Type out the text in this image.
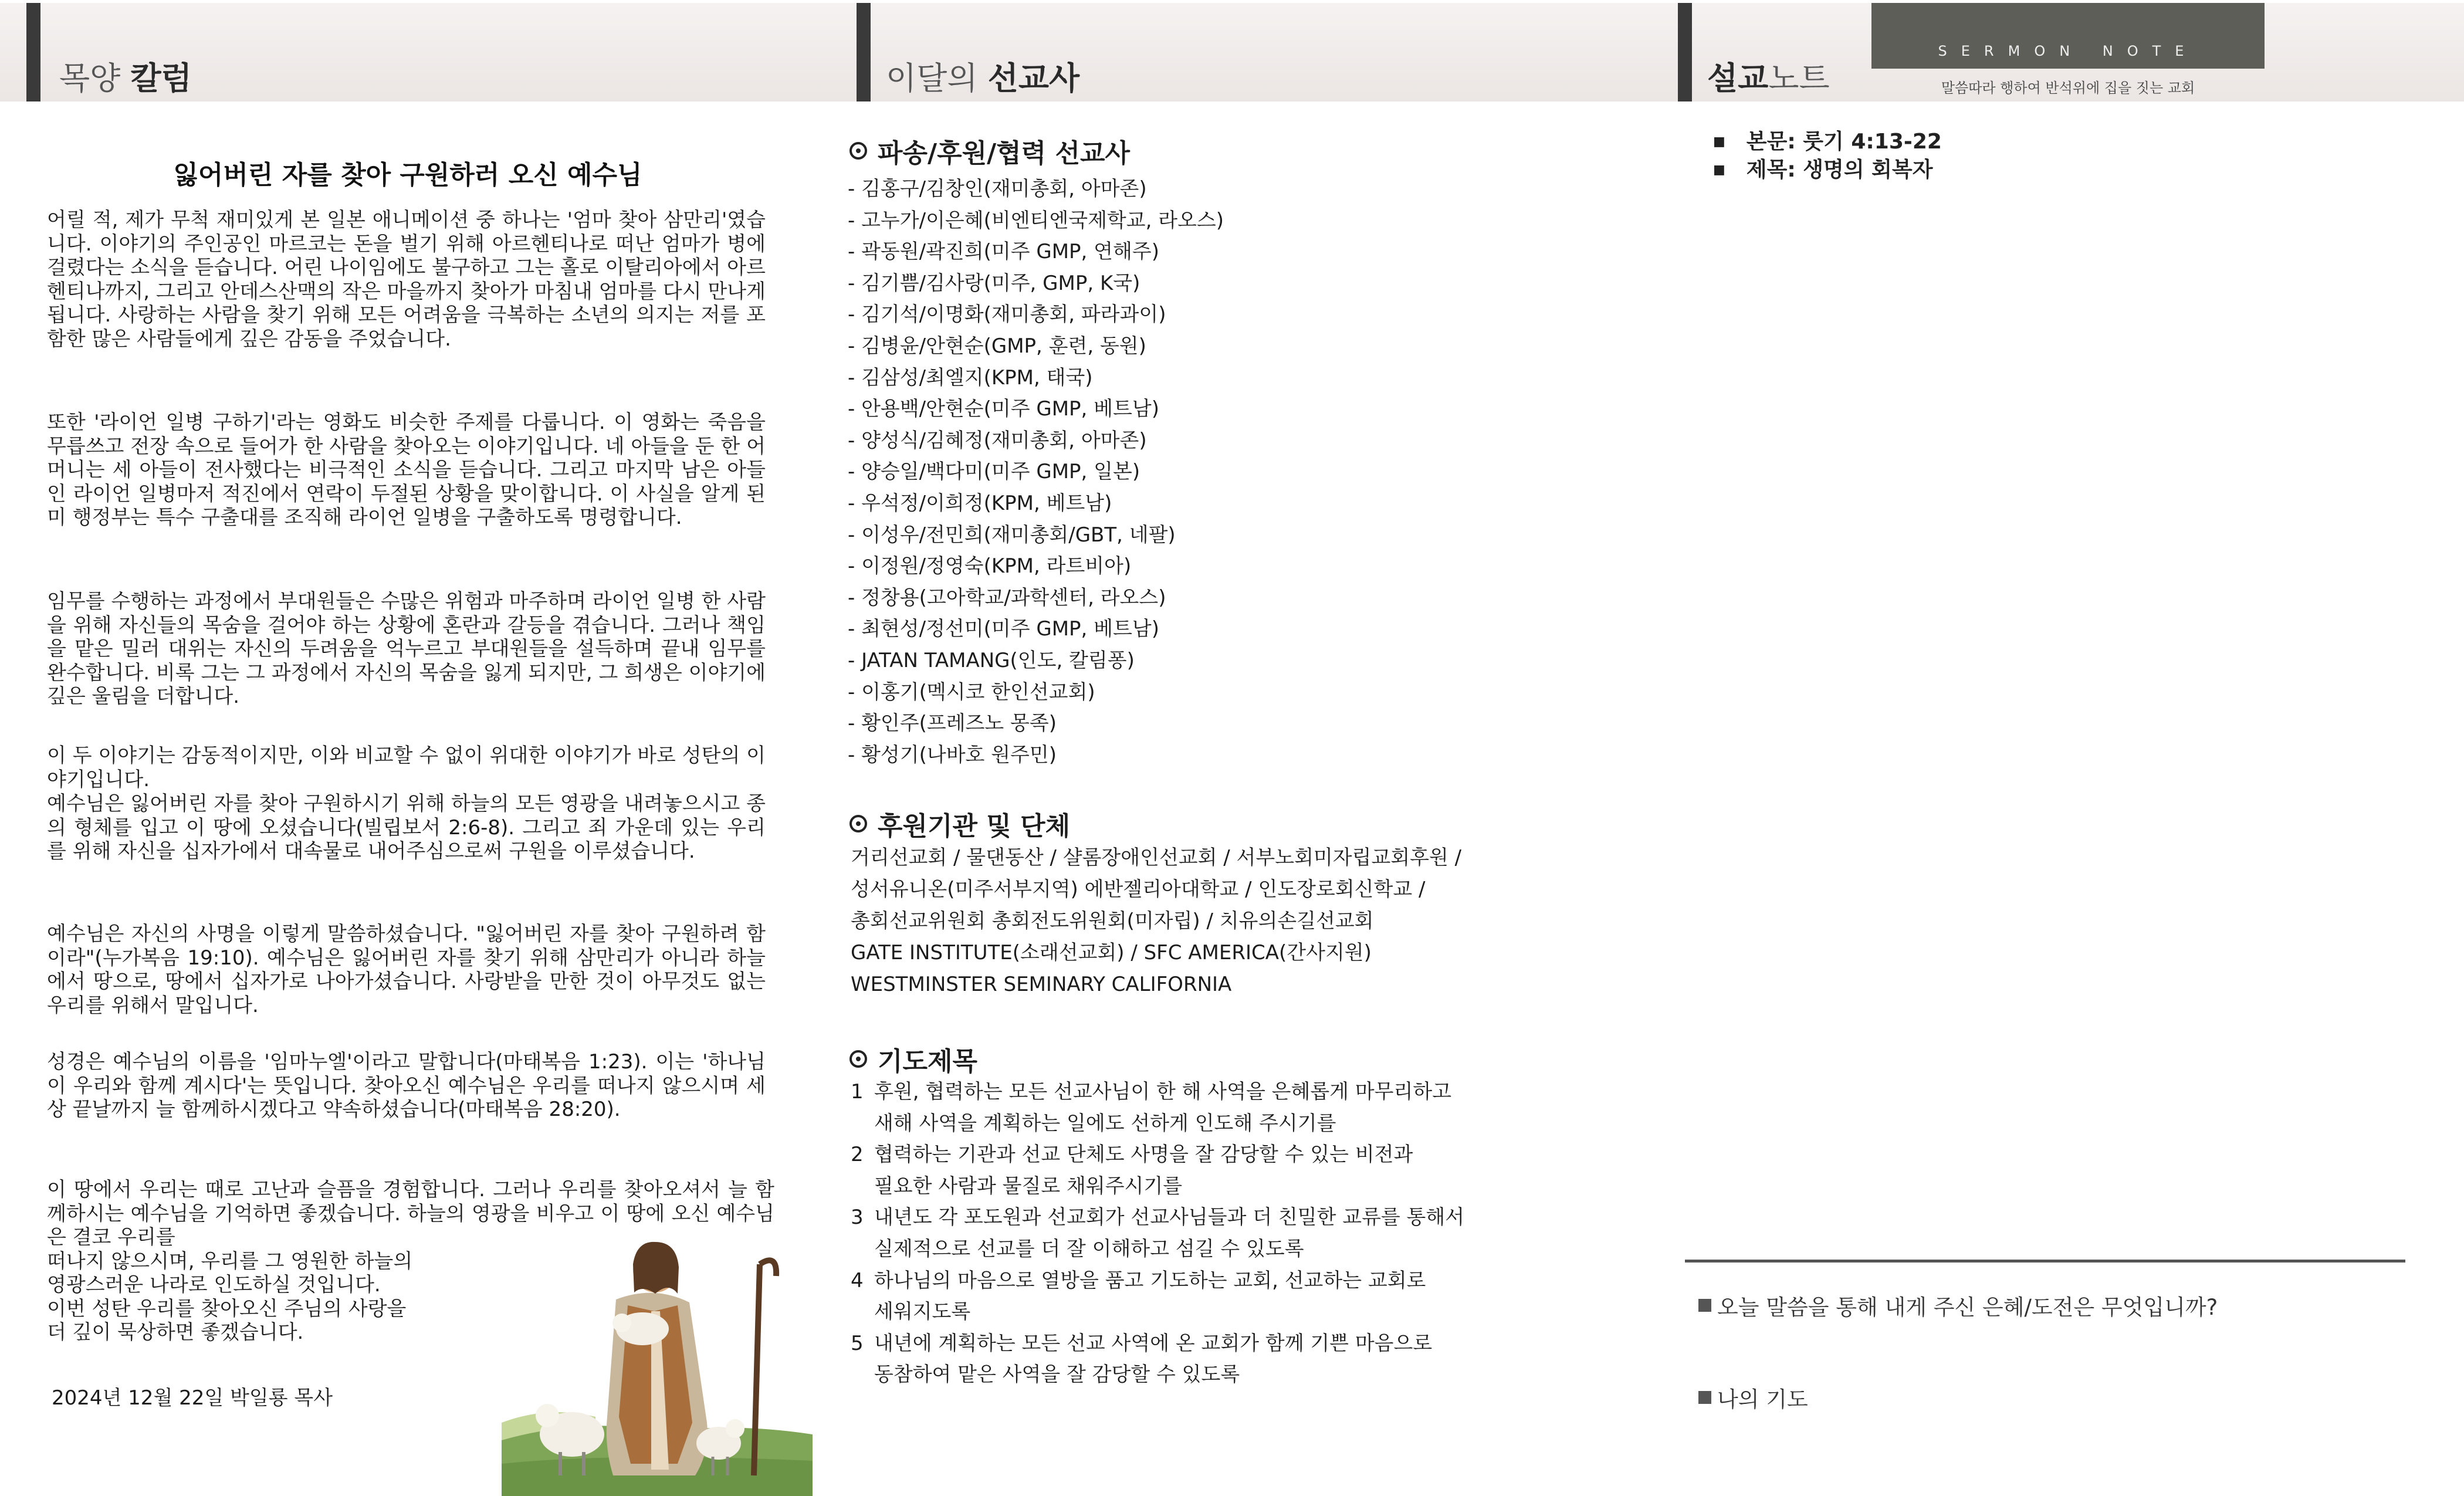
목양 칼럼	이달의 선교사	설교노트
SERMON NOTE
말씀따라 행하여 반석위에 집을 짓는 교회
잃어버린 자를 찾아 구원하러 오신 예수님

어릴 적, 제가 무척 재미있게 본 일본 애니메이션 중 하나는 '엄마 찾아 삼만리'였습니다. 이야기의 주인공인 마르코는 돈을 벌기 위해 아르헨티나로 떠난 엄마가 병에 걸렸다는 소식을 듣습니다. 어린 나이임에도 불구하고 그는 홀로 이탈리아에서 아르헨티나까지, 그리고 안데스산맥의 작은 마을까지 찾아가 마침내 엄마를 다시 만나게 됩니다. 사랑하는 사람을 찾기 위해 모든 어려움을 극복하는 소년의 의지는 저를 포함한 많은 사람들에게 깊은 감동을 주었습니다.

또한 '라이언 일병 구하기'라는 영화도 비슷한 주제를 다룹니다. 이 영화는 죽음을 무릅쓰고 전장 속으로 들어가 한 사람을 찾아오는 이야기입니다. 네 아들을 둔 한 어머니는 세 아들이 전사했다는 비극적인 소식을 듣습니다. 그리고 마지막 남은 아들인 라이언 일병마저 적진에서 연락이 두절된 상황을 맞이합니다. 이 사실을 알게 된 미 행정부는 특수 구출대를 조직해 라이언 일병을 구출하도록 명령합니다.

임무를 수행하는 과정에서 부대원들은 수많은 위험과 마주하며 라이언 일병 한 사람을 위해 자신들의 목숨을 걸어야 하는 상황에 혼란과 갈등을 겪습니다. 그러나 책임을 맡은 밀러 대위는 자신의 두려움을 억누르고 부대원들을 설득하며 끝내 임무를 완수합니다. 비록 그는 그 과정에서 자신의 목숨을 잃게 되지만, 그 희생은 이야기에 깊은 울림을 더합니다.

이 두 이야기는 감동적이지만, 이와 비교할 수 없이 위대한 이야기가 바로 성탄의 이야기입니다.

예수님은 잃어버린 자를 찾아 구원하시기 위해 하늘의 모든 영광을 내려놓으시고 종의 형체를 입고 이 땅에 오셨습니다(빌립보서 2:6-8). 그리고 죄 가운데 있는 우리를 위해 자신을 십자가에서 대속물로 내어주심으로써 구원을 이루셨습니다.

예수님은 자신의 사명을 이렇게 말씀하셨습니다. "잃어버린 자를 찾아 구원하려 함이라"(누가복음 19:10). 예수님은 잃어버린 자를 찾기 위해 삼만리가 아니라 하늘에서 땅으로, 땅에서 십자가로 나아가셨습니다. 사랑받을 만한 것이 아무것도 없는 우리를 위해서 말입니다.

성경은 예수님의 이름을 '임마누엘'이라고 말합니다(마태복음 1:23). 이는 '하나님이 우리와 함께 계시다'는 뜻입니다. 찾아오신 예수님은 우리를 떠나지 않으시며 세상 끝날까지 늘 함께하시겠다고 약속하셨습니다(마태복음 28:20).

이 땅에서 우리는 때로 고난과 슬픔을 경험합니다. 그러나 우리를 찾아오셔서 늘 함께하시는 예수님을 기억하면 좋겠습니다. 하늘의 영광을 비우고 이 땅에 오신 예수님은 결코 우리를
떠나지 않으시며, 우리를 그 영원한 하늘의
영광스러운 나라로 인도하실 것입니다.
이번 성탄 우리를 찾아오신 주님의 사랑을
더 깊이 묵상하면 좋겠습니다.

2024년 12월 22일 박일룡 목사
파송/후원/협력 선교사
- 김홍구/김창인(재미총회, 아마존)
- 고누가/이은혜(비엔티엔국제학교, 라오스)
- 곽동원/곽진희(미주 GMP, 연해주)
- 김기쁨/김사랑(미주, GMP, K국)
- 김기석/이명화(재미총회, 파라과이)
- 김병윤/안현순(GMP, 훈련, 동원)
- 김삼성/최엘지(KPM, 태국)
- 안용백/안현순(미주 GMP, 베트남)
- 양성식/김혜정(재미총회, 아마존)
- 양승일/백다미(미주 GMP, 일본)
- 우석정/이희정(KPM, 베트남)
- 이성우/전민희(재미총회/GBT, 네팔)
- 이정원/정영숙(KPM, 라트비아)
- 정창용(고아학교/과학센터, 라오스)
- 최현성/정선미(미주 GMP, 베트남)
- JATAN TAMANG(인도, 칼림퐁)
- 이홍기(멕시코 한인선교회)
- 황인주(프레즈노 몽족)
- 황성기(나바호 원주민)
후원기관 및 단체
거리선교회 / 물댄동산 / 샬롬장애인선교회 / 서부노회미자립교회후원 /
성서유니온(미주서부지역) 에반젤리아대학교 / 인도장로회신학교 /
총회선교위원회 총회전도위원회(미자립) / 치유의손길선교회
GATE INSTITUTE(소래선교회) / SFC AMERICA(간사지원)
WESTMINSTER SEMINARY CALIFORNIA
기도제목
1 후원, 협력하는 모든 선교사님이 한 해 사역을 은혜롭게 마무리하고
새해 사역을 계획하는 일에도 선하게 인도해 주시기를
2 협력하는 기관과 선교 단체도 사명을 잘 감당할 수 있는 비전과
필요한 사람과 물질로 채워주시기를
3 내년도 각 포도원과 선교회가 선교사님들과 더 친밀한 교류를 통해서
실제적으로 선교를 더 잘 이해하고 섬길 수 있도록
4 하나님의 마음으로 열방을 품고 기도하는 교회, 선교하는 교회로
세워지도록
5 내년에 계획하는 모든 선교 사역에 온 교회가 함께 기쁜 마음으로
동참하여 맡은 사역을 잘 감당할 수 있도록
■ 본문: 룻기 4:13-22
■ 제목: 생명의 회복자
오늘 말씀을 통해 내게 주신 은혜/도전은 무엇입니까?
나의 기도
